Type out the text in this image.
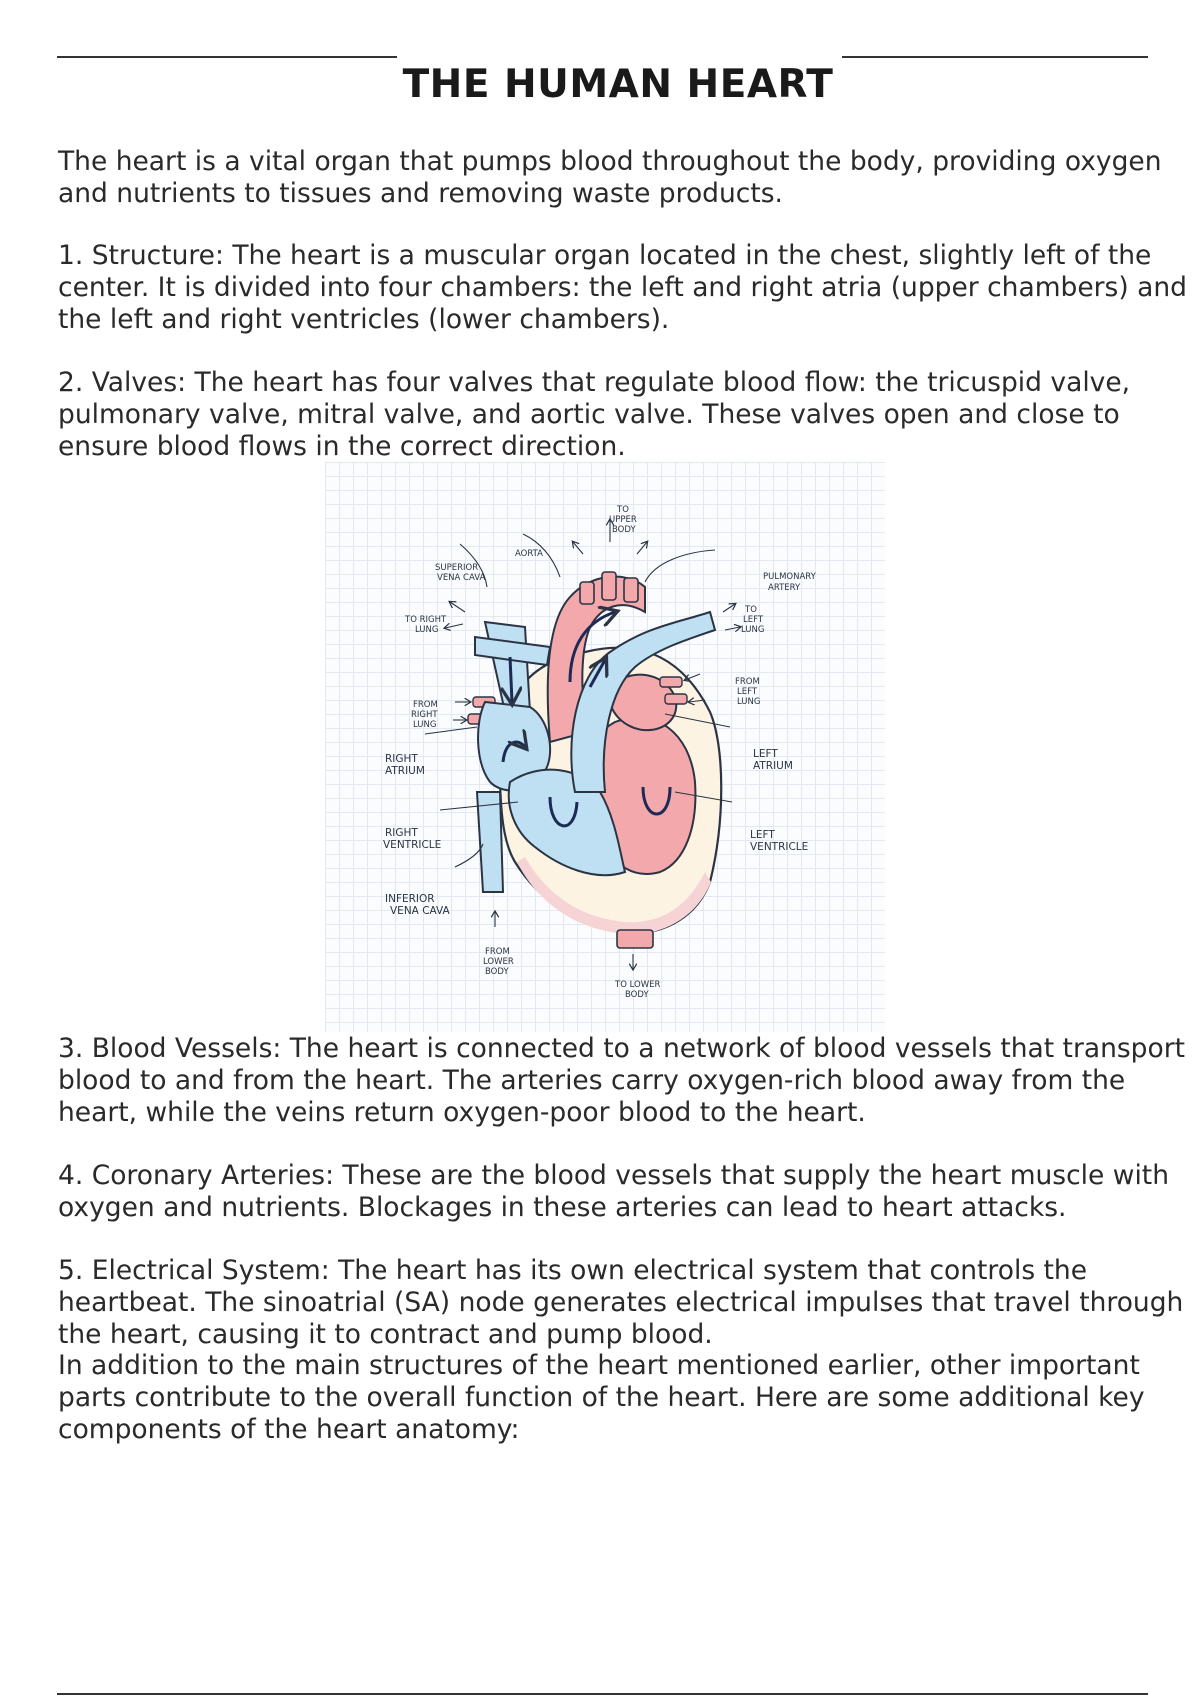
THE HUMAN HEART

The heart is a vital organ that pumps blood throughout the body, providing oxygen and nutrients to tissues and removing waste products.

1. Structure: The heart is a muscular organ located in the chest, slightly left of the center. It is divided into four chambers: the left and right atria (upper chambers) and the left and right ventricles (lower chambers).

2. Valves: The heart has four valves that regulate blood flow: the tricuspid valve, pulmonary valve, mitral valve, and aortic valve. These valves open and close to ensure blood flows in the correct direction.

AORTA
SUPERIOR
VENA CAVA
TO
UPPER
BODY
PULMONARY
ARTERY
TO RIGHT
LUNG
TO
LEFT
LUNG
FROM
RIGHT
LUNG
FROM
LEFT
LUNG
RIGHT
ATRIUM
LEFT
ATRIUM
RIGHT
VENTRICLE
LEFT
VENTRICLE
INFERIOR
VENA CAVA
FROM
LOWER
BODY
TO LOWER
BODY

3. Blood Vessels: The heart is connected to a network of blood vessels that transport blood to and from the heart. The arteries carry oxygen-rich blood away from the heart, while the veins return oxygen-poor blood to the heart.

4. Coronary Arteries: These are the blood vessels that supply the heart muscle with oxygen and nutrients. Blockages in these arteries can lead to heart attacks.

5. Electrical System: The heart has its own electrical system that controls the heartbeat. The sinoatrial (SA) node generates electrical impulses that travel through the heart, causing it to contract and pump blood.

In addition to the main structures of the heart mentioned earlier, other important parts contribute to the overall function of the heart. Here are some additional key components of the heart anatomy:
